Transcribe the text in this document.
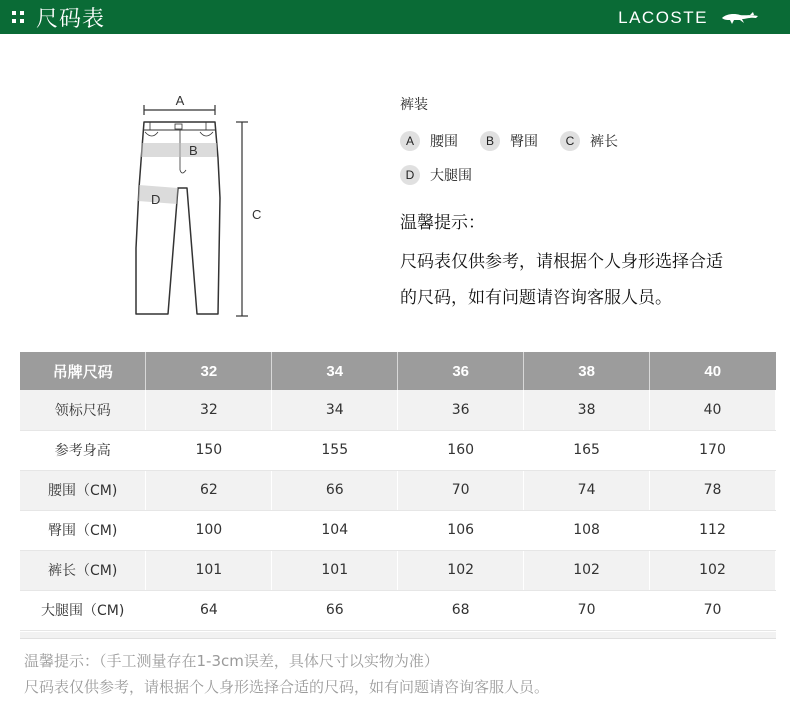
尺码表	LACOSTE
A
C
B
D
裤装
A	腰围	B	臀围	C	裤长
D	大腿围
温馨提示：
尺码表仅供参考，请根据个人身形选择合适
的尺码，如有问题请咨询客服人员。
吊牌尺码	32	34	36	38	40
领标尺码	32	34	36	38	40
参考身高	150	155	160	165	170
腰围（CM)	62	66	70	74	78
臀围（CM)	100	104	106	108	112
裤长（CM)	101	101	102	102	102
大腿围（CM)	64	66	68	70	70
温馨提示：（手工测量存在1-3cm误差，具体尺寸以实物为准）
尺码表仅供参考，请根据个人身形选择合适的尺码，如有问题请咨询客服人员。
